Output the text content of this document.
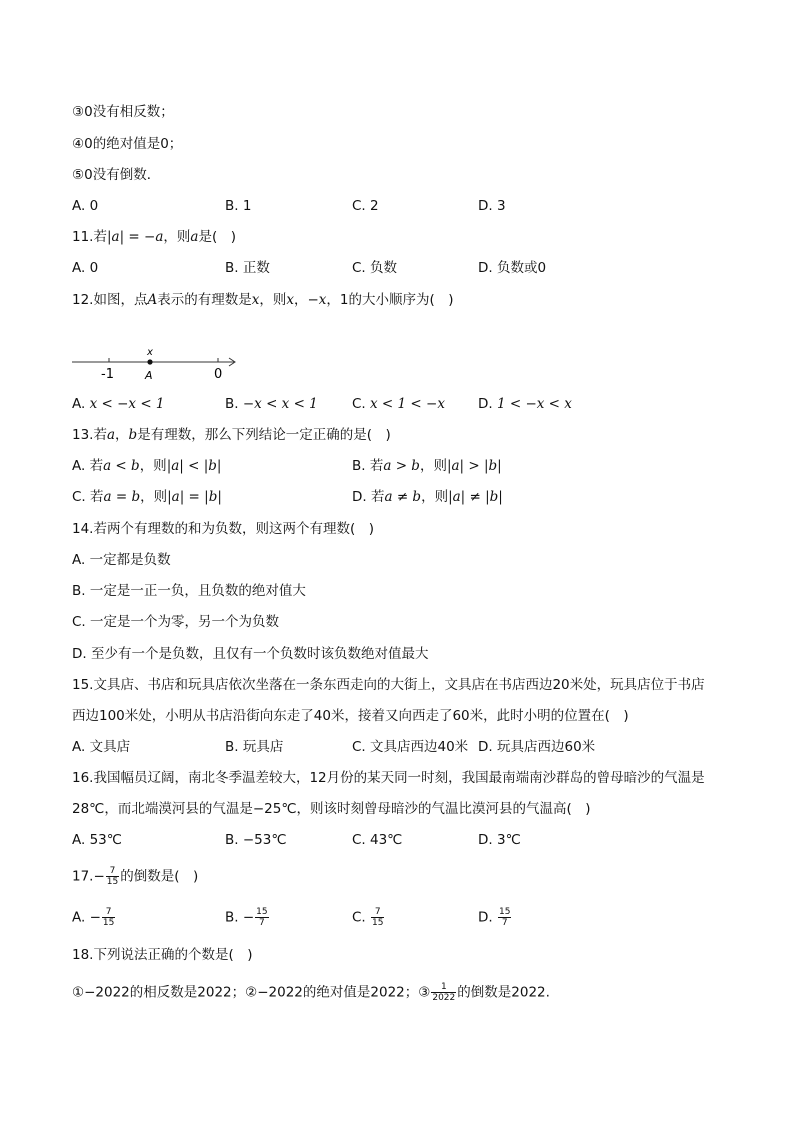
③0没有相反数；
④0的绝对值是0；
⑤0没有倒数．
A. 0	B. 1	C. 2	D. 3
11.若|a| = −a，则a是(　)
A. 0	B. 正数	C. 负数	D. 负数或0
12.如图，点A表示的有理数是x，则x，−x，1的大小顺序为(　)
x
-1	A	0
A. x < −x < 1	B. −x < x < 1	C. x < 1 < −x D. 1 < −x < x
13.若a，b是有理数，那么下列结论一定正确的是(　)
A. 若a < b，则|a| < |b|	B. 若a > b，则|a| > |b|
C. 若a = b，则|a| = |b|	D. 若a ≠ b，则|a| ≠ |b|
14.若两个有理数的和为负数，则这两个有理数(　)
A. 一定都是负数
B. 一定是一正一负，且负数的绝对值大
C. 一定是一个为零，另一个为负数
D. 至少有一个是负数，且仅有一个负数时该负数绝对值最大
15.文具店、书店和玩具店依次坐落在一条东西走向的大街上，文具店在书店西边20米处，玩具店位于书店
西边100米处，小明从书店沿街向东走了40米，接着又向西走了60米，此时小明的位置在(　)
A. 文具店	B. 玩具店	C. 文具店西边40米 D. 玩具店西边60米
16.我国幅员辽阔，南北冬季温差较大，12月份的某天同一时刻，我国最南端南沙群岛的曾母暗沙的气温是
28℃，而北端漠河县的气温是−25℃，则该时刻曾母暗沙的气温比漠河县的气温高(　)
A. 53℃	B. −53℃	C. 43℃	D. 3℃
$17.- \frac{7}{15}$ 的倒数是(　)
A. − $\frac{7}{15}$	B. − $\frac{15}{7}$	C. $\frac{7}{15}$	D. $\frac{15}{7}$
18.下列说法正确的个数是(　)
①−2022的相反数是2022；②−2022的绝对值是2022；③ $\frac{1}{2022}$ 的倒数是2022.
